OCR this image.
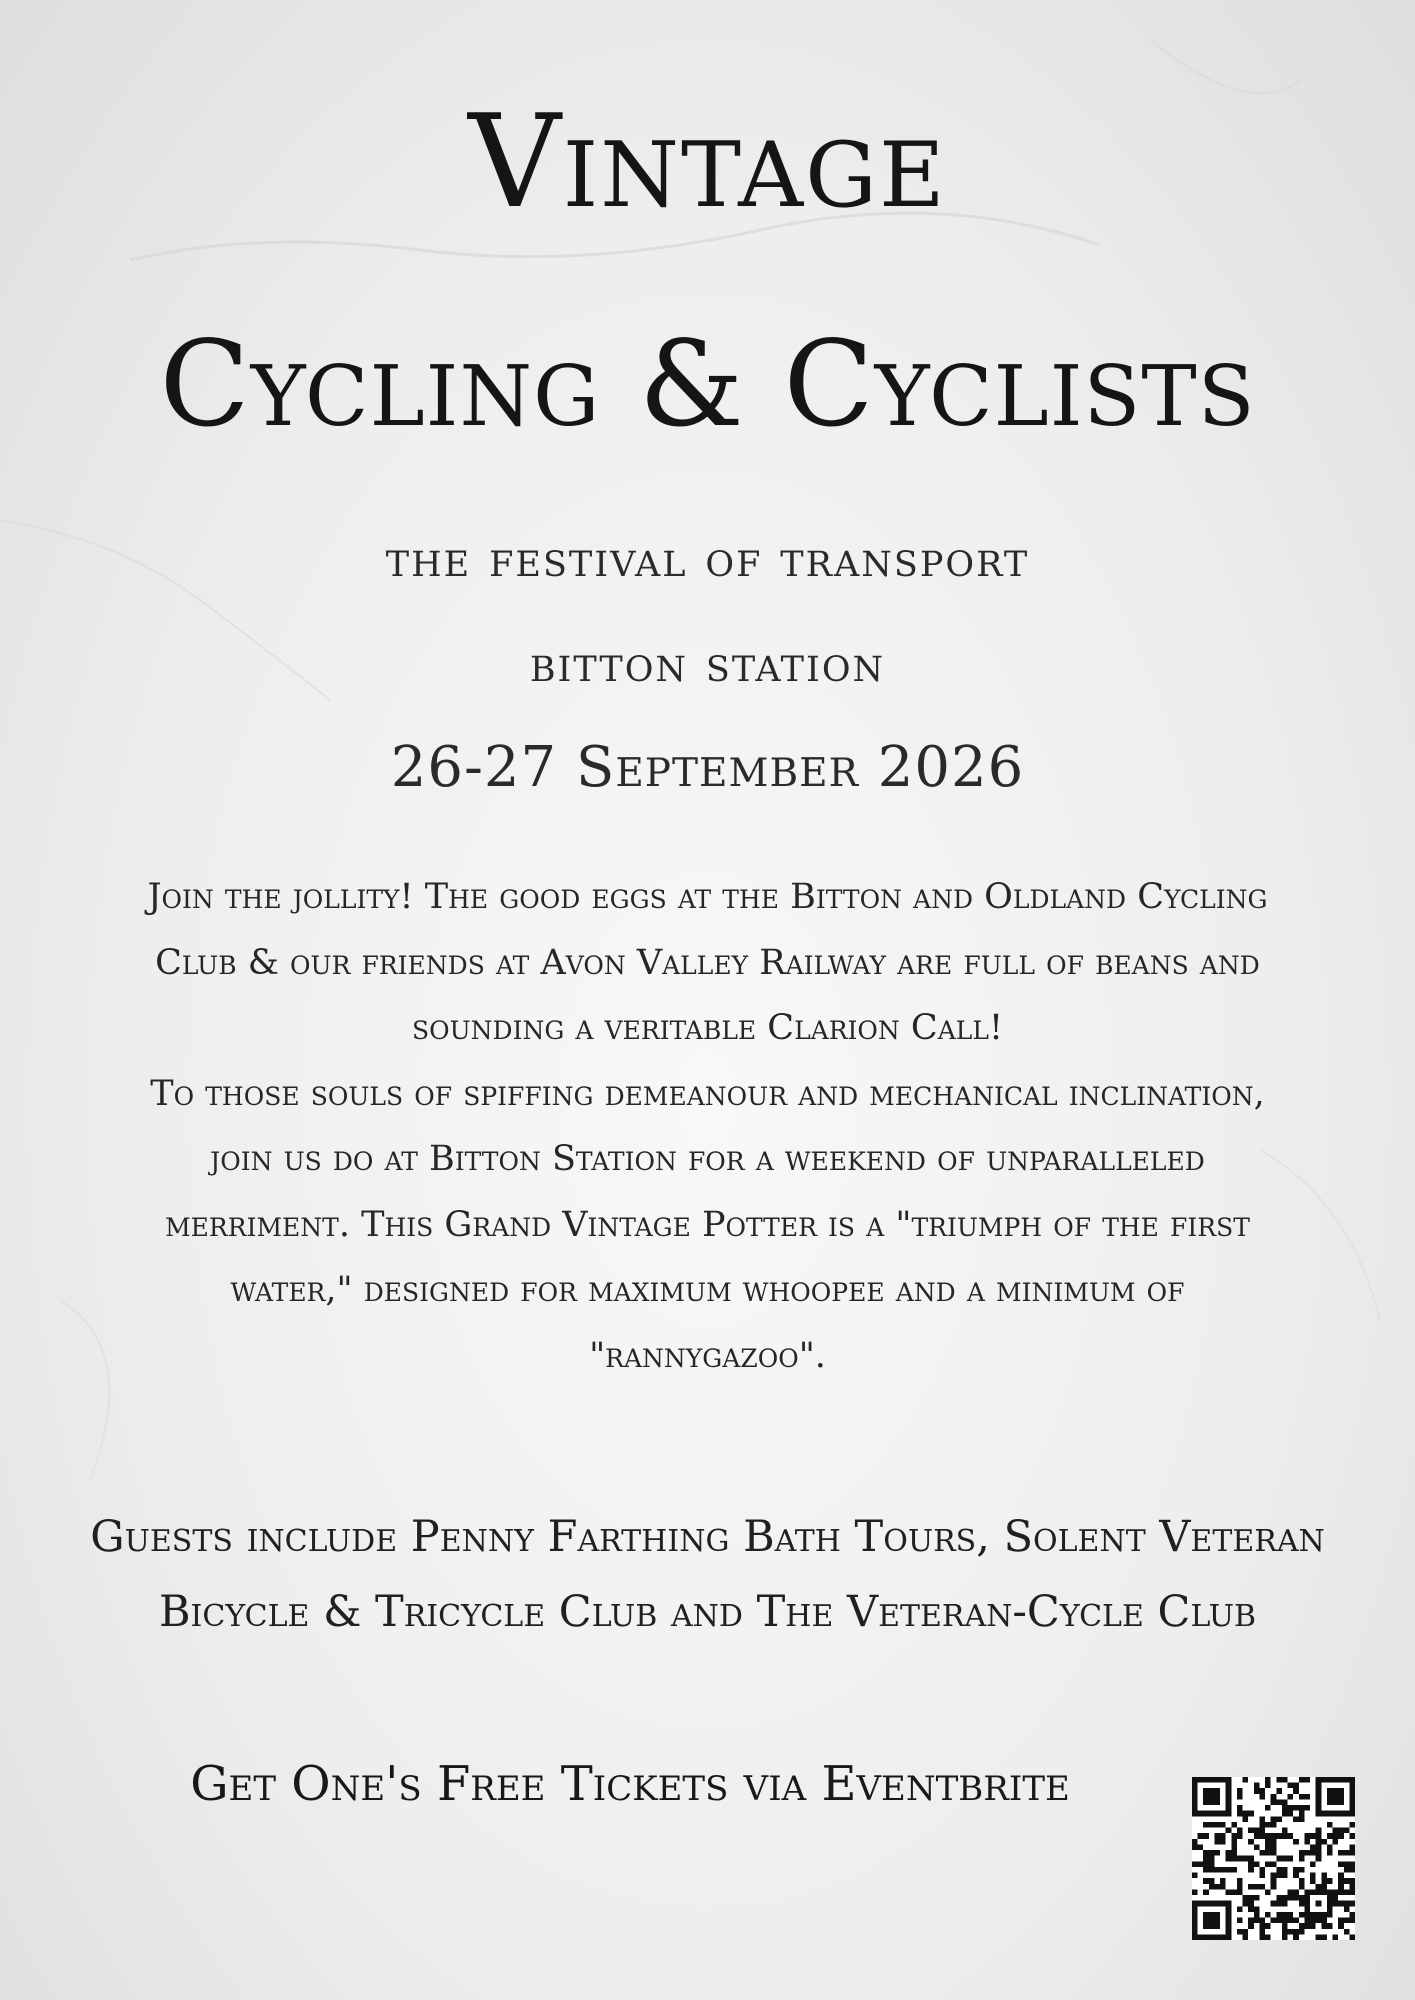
Vintage
Cycling & Cyclists
the festival of transport
bitton station
26-27 September 2026

Join the jollity! The good eggs at the Bitton and Oldland Cycling Club & our friends at Avon Valley Railway are full of beans and sounding a veritable Clarion Call!

To those souls of spiffing demeanour and mechanical inclination, join us do at Bitton Station for a weekend of unparalleled merriment. This Grand Vintage Potter is a "triumph of the first water," designed for maximum whoopee and a minimum of "rannygazoo".

Guests include Penny Farthing Bath Tours, Solent Veteran Bicycle & Tricycle Club and The Veteran-Cycle Club
Get One's Free Tickets via Eventbrite
